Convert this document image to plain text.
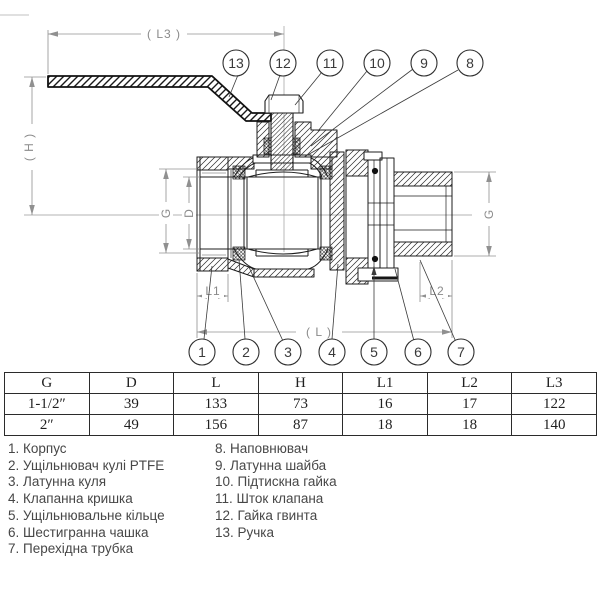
( L3 )
( H )
G D	G
L1	L2
( L )
13 12 11 10	9	8
1	2 3	4 5	6	7
G	D	L	H	L1	L2	L3
1-1/2″	39	133	73	16	17	122
2″	49	156	87	18	18	140
1. Корпус
2. Ущільнювач кулі PTFE
3. Латунна куля
4. Клапанна кришка
5. Ущільнювальне кільце
6. Шестигранна чашка
7. Перехідна трубка
8. Наповнювач
9. Латунна шайба
10. Підтискна гайка
11. Шток клапана
12. Гайка гвинта
13. Ручка
